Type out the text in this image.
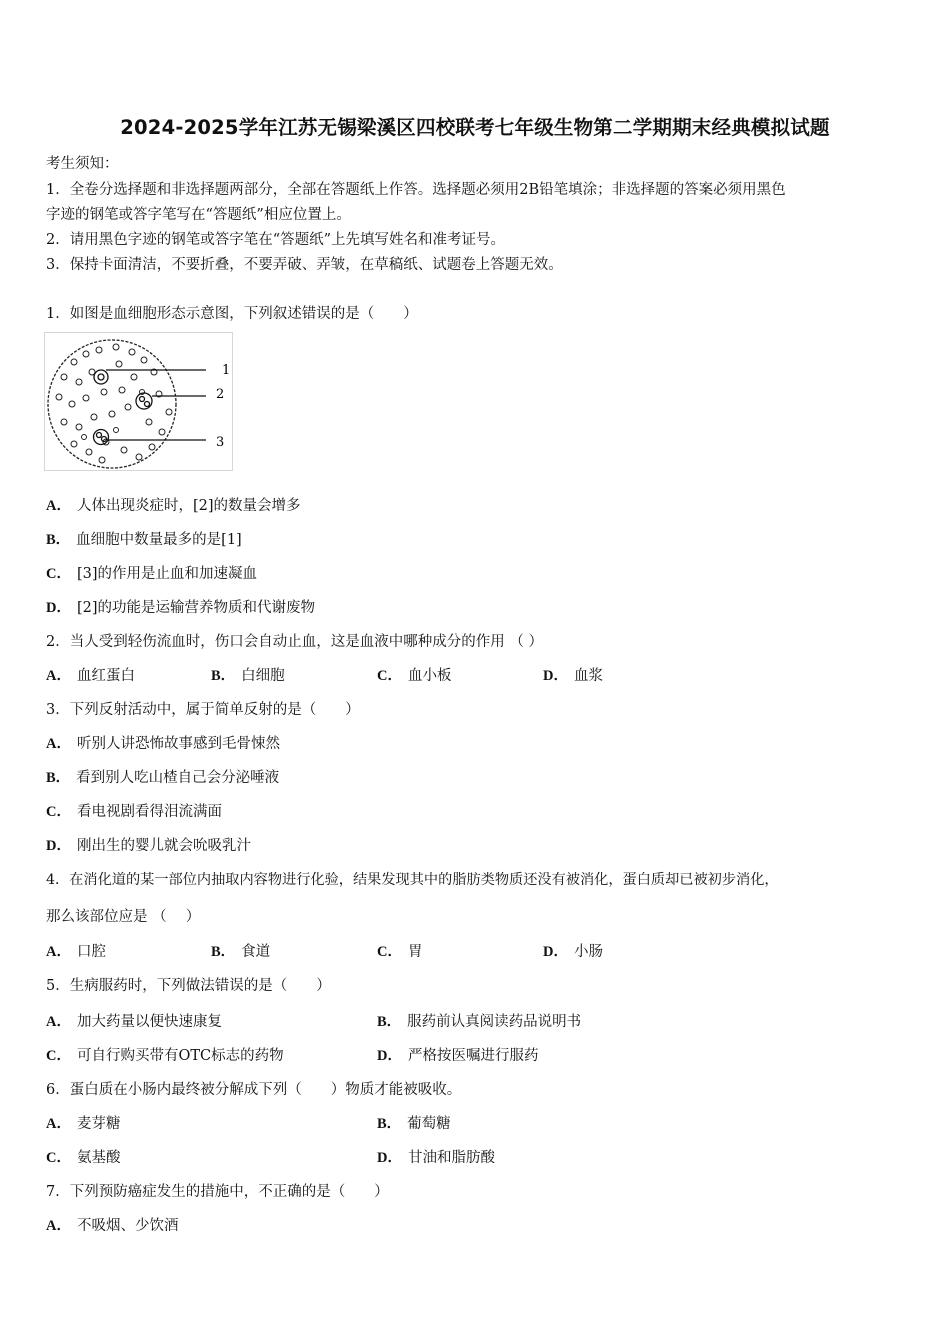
2024-2025学年江苏无锡梁溪区四校联考七年级生物第二学期期末经典模拟试题
考生须知：
1．全卷分选择题和非选择题两部分，全部在答题纸上作答。选择题必须用2B铅笔填涂；非选择题的答案必须用黑色
字迹的钢笔或答字笔写在“答题纸”相应位置上。
2．请用黑色字迹的钢笔或答字笔在“答题纸”上先填写姓名和准考证号。
3．保持卡面清洁，不要折叠，不要弄破、弄皱，在草稿纸、试题卷上答题无效。
1．如图是血细胞形态示意图，下列叙述错误的是（　　）
1
2
3
A． 人体出现炎症时，[2]的数量会增多
B． 血细胞中数量最多的是[1]
C． [3]的作用是止血和加速凝血
D． [2]的功能是运输营养物质和代谢废物
2．当人受到轻伤流血时，伤口会自动止血，这是血液中哪种成分的作用 （ ）
A． 血红蛋白	B． 白细胞	C． 血小板	D． 血浆
3．下列反射活动中，属于简单反射的是（　　）
A． 听别人讲恐怖故事感到毛骨悚然
B． 看到别人吃山楂自己会分泌唾液
C． 看电视剧看得泪流满面
D． 刚出生的婴儿就会吮吸乳汁
4．在消化道的某一部位内抽取内容物进行化验，结果发现其中的脂肪类物质还没有被消化，蛋白质却已被初步消化，
那么该部位应是 （　 ）
A． 口腔	B． 食道	C． 胃	D． 小肠
5．生病服药时，下列做法错误的是（　　）
A． 加大药量以便快速康复	B． 服药前认真阅读药品说明书
C． 可自行购买带有OTC标志的药物	D． 严格按医嘱进行服药
6．蛋白质在小肠内最终被分解成下列（　　）物质才能被吸收。
A． 麦芽糖	B． 葡萄糖
C． 氨基酸	D． 甘油和脂肪酸
7．下列预防癌症发生的措施中，不正确的是（　　）
A． 不吸烟、少饮酒
